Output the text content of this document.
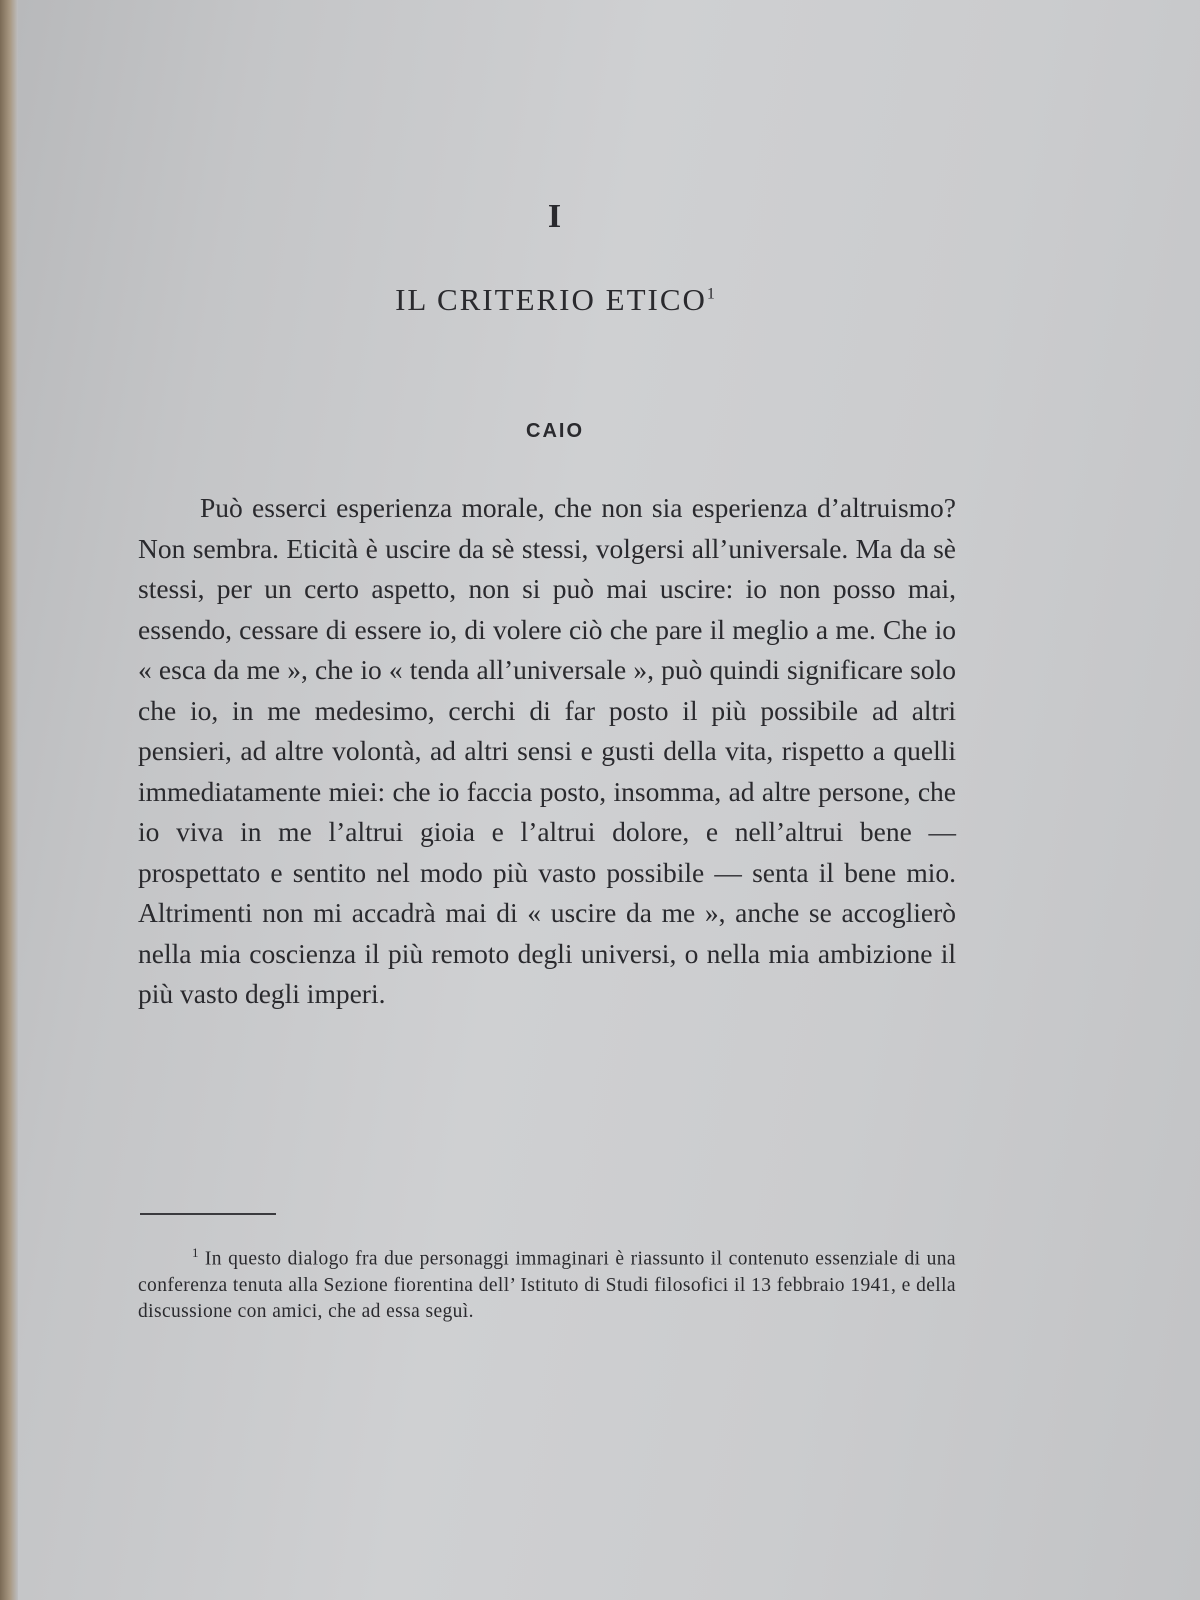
I
IL CRITERIO ETICO$^1$
CAIO

Può esserci esperienza morale, che non sia esperienza d’altruismo? Non sembra. Eticità è uscire da sè stessi, volgersi all’universale. Ma da sè stessi, per un certo aspetto, non si può mai uscire: io non posso mai, essendo, cessare di essere io, di volere ciò che pare il meglio a me. Che io « esca da me », che io « tenda all’universale », può quindi significare solo che io, in me medesimo, cerchi di far posto il più possibile ad altri pensieri, ad altre volontà, ad altri sensi e gusti della vita, rispetto a quelli immediatamente miei: che io faccia posto, insomma, ad altre persone, che io viva in me l’altrui gioia e l’altrui dolore, e nell’altrui bene — prospettato e sentito nel modo più vasto possibile — senta il bene mio. Altrimenti non mi accadrà mai di « uscire da me », anche se accoglierò nella mia coscienza il più remoto degli universi, o nella mia ambizione il più vasto degli imperi.

$^1$ In questo dialogo fra due personaggi immaginari è riassunto il contenuto essenziale di una conferenza tenuta alla Sezione fiorentina dell’ Istituto di Studi filosofici il 13 febbraio 1941, e della discussione con amici, che ad essa seguì.
